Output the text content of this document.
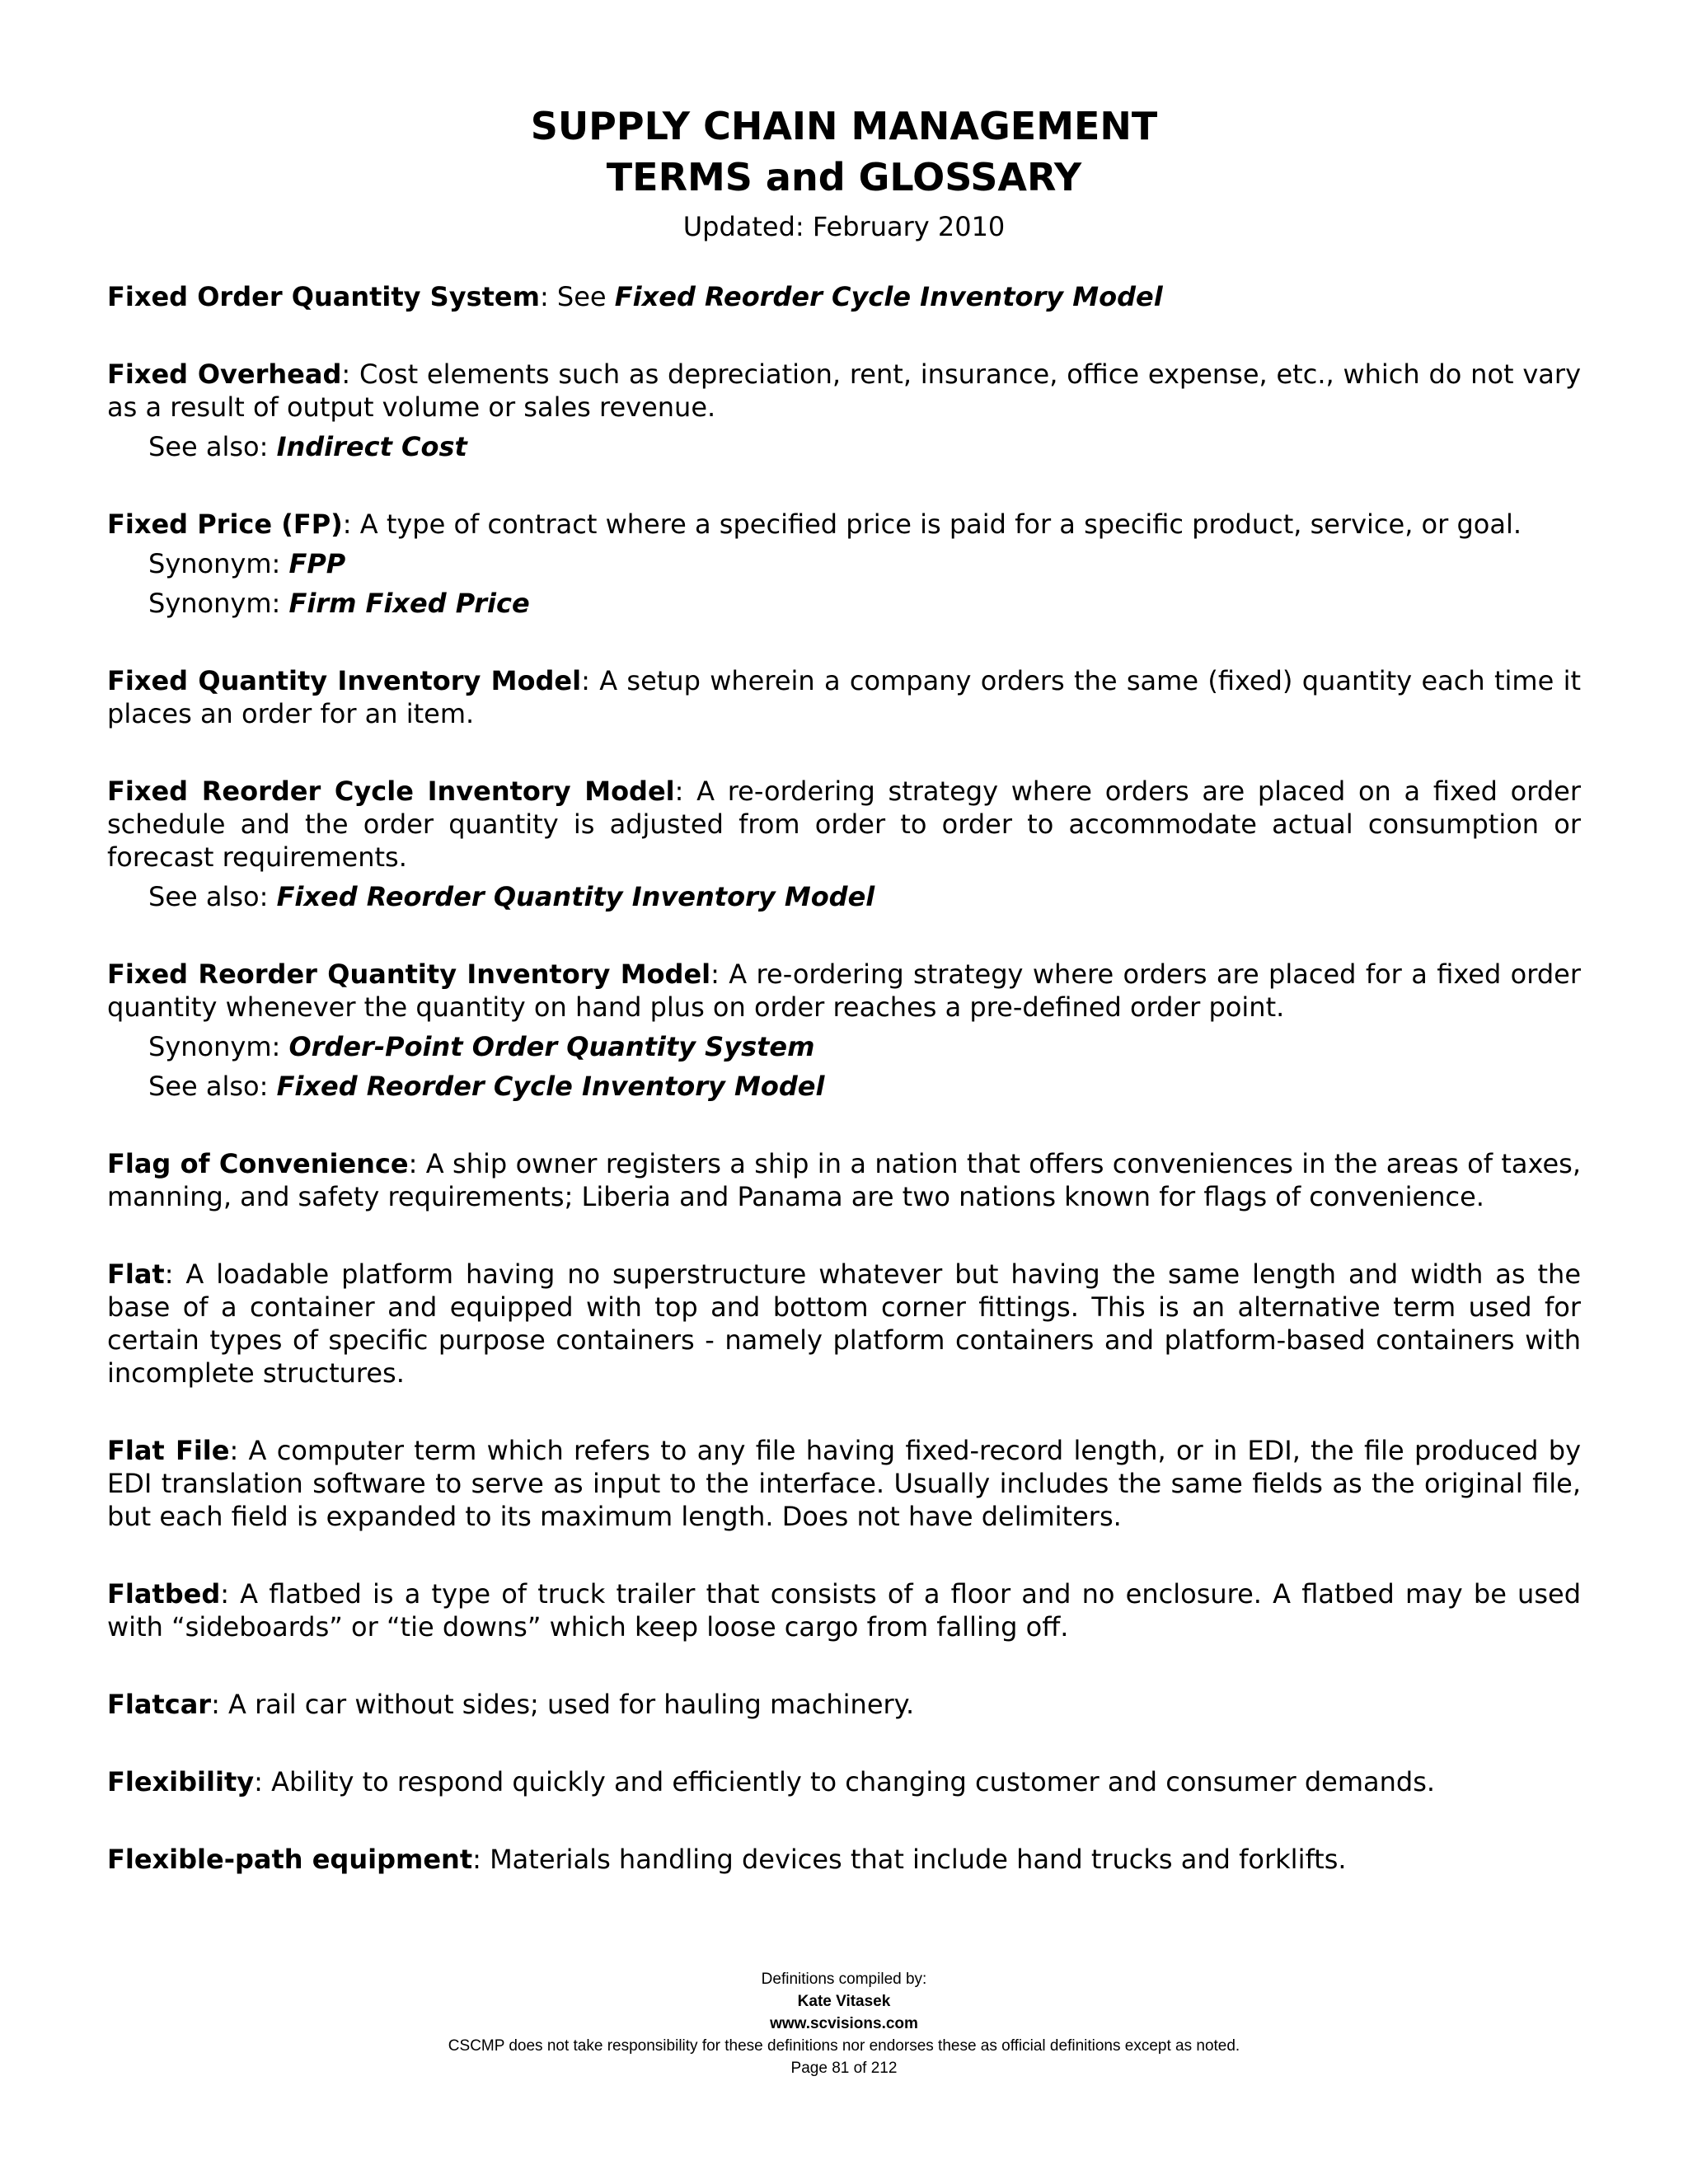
SUPPLY CHAIN MANAGEMENT
TERMS and GLOSSARY
Updated: February 2010

Fixed Order Quantity System: See Fixed Reorder Cycle Inventory Model

Fixed Overhead: Cost elements such as depreciation, rent, insurance, office expense, etc., which do not vary as a result of output volume or sales revenue.

See also: Indirect Cost

Fixed Price (FP): A type of contract where a specified price is paid for a specific product, service, or goal.

Synonym: FPP
Synonym: Firm Fixed Price

Fixed Quantity Inventory Model: A setup wherein a company orders the same (fixed) quantity each time it places an order for an item.

Fixed Reorder Cycle Inventory Model: A re-ordering strategy where orders are placed on a fixed order schedule and the order quantity is adjusted from order to order to accommodate actual consumption or forecast requirements.

See also: Fixed Reorder Quantity Inventory Model

Fixed Reorder Quantity Inventory Model: A re-ordering strategy where orders are placed for a fixed order quantity whenever the quantity on hand plus on order reaches a pre-defined order point.

Synonym: Order-Point Order Quantity System
See also: Fixed Reorder Cycle Inventory Model

Flag of Convenience: A ship owner registers a ship in a nation that offers conveniences in the areas of taxes, manning, and safety requirements; Liberia and Panama are two nations known for flags of convenience.

Flat: A loadable platform having no superstructure whatever but having the same length and width as the base of a container and equipped with top and bottom corner fittings. This is an alternative term used for certain types of specific purpose containers - namely platform containers and platform-based containers with incomplete structures.

Flat File: A computer term which refers to any file having fixed-record length, or in EDI, the file produced by EDI translation software to serve as input to the interface. Usually includes the same fields as the original file, but each field is expanded to its maximum length. Does not have delimiters.

Flatbed: A flatbed is a type of truck trailer that consists of a floor and no enclosure. A flatbed may be used with “sideboards” or “tie downs” which keep loose cargo from falling off.

Flatcar: A rail car without sides; used for hauling machinery.

Flexibility: Ability to respond quickly and efficiently to changing customer and consumer demands.

Flexible-path equipment: Materials handling devices that include hand trucks and forklifts.

Definitions compiled by:
Kate Vitasek
www.scvisions.com
CSCMP does not take responsibility for these definitions nor endorses these as official definitions except as noted.
Page 81 of 212
